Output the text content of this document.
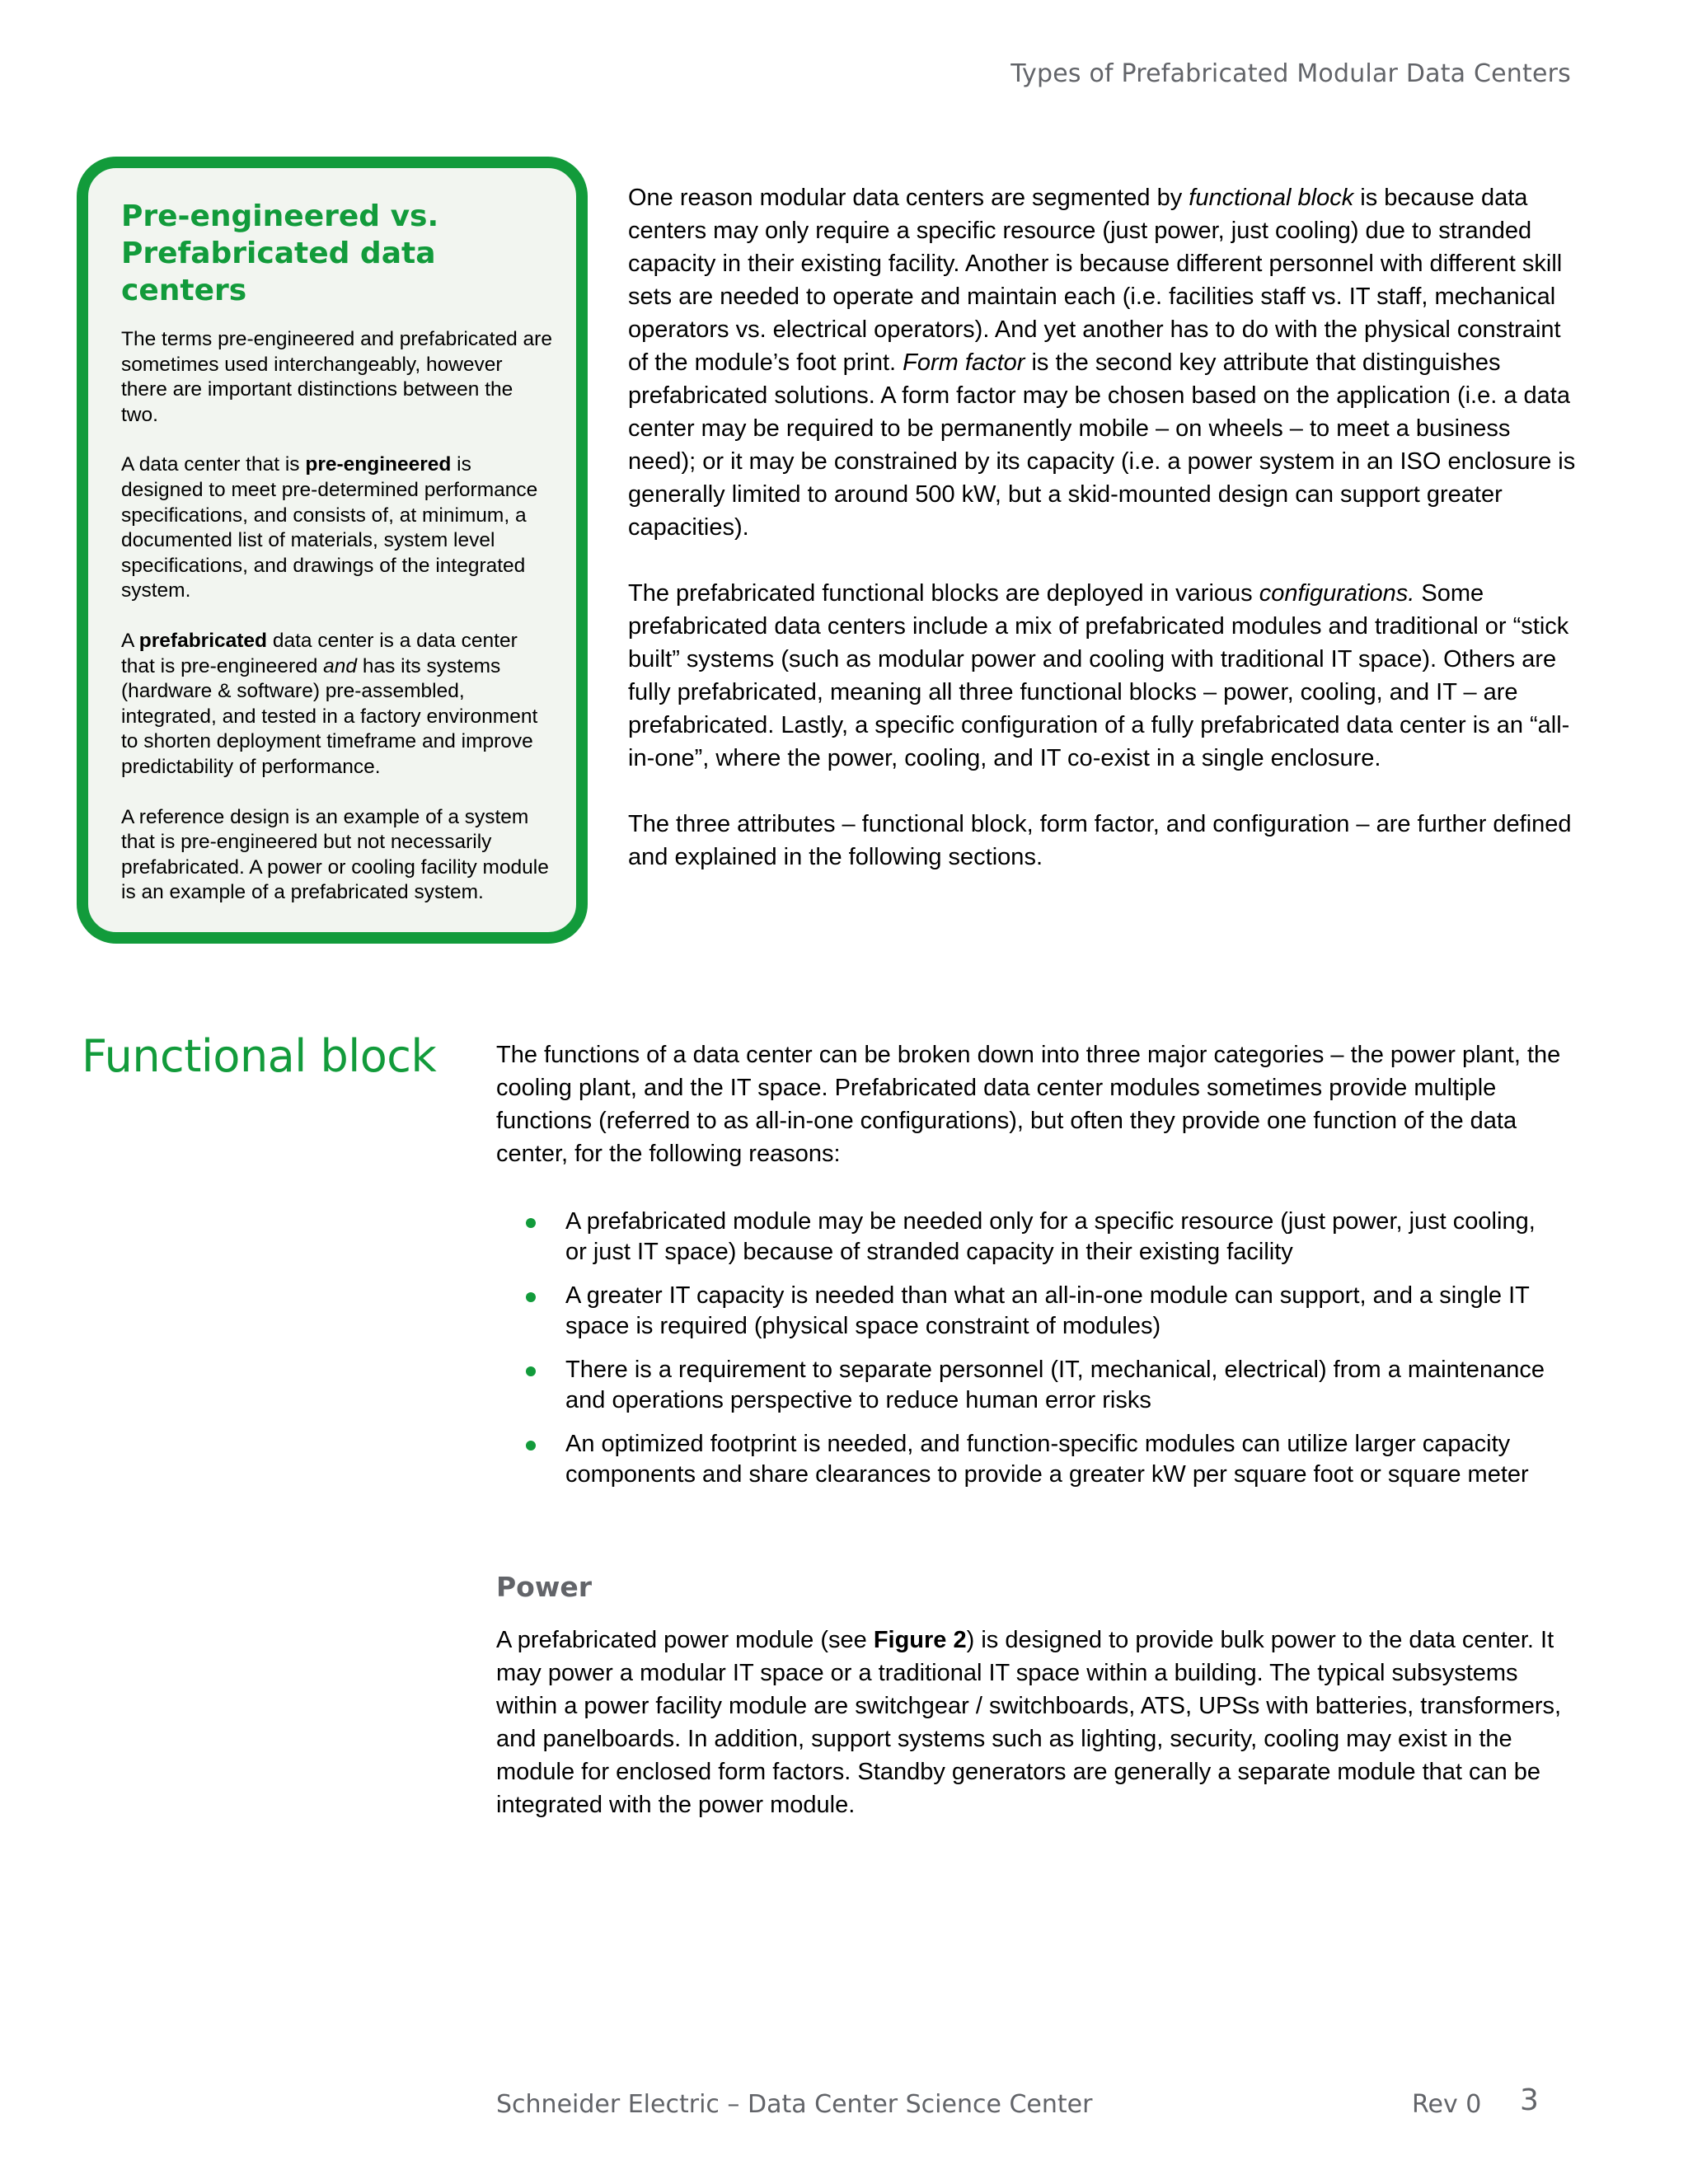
Types of Prefabricated Modular Data Centers
Pre-engineered vs.
Prefabricated data centers

The terms pre-engineered and prefabricated are sometimes used interchangeably, however there are important distinctions between the two.

A data center that is pre-engineered is designed to meet pre-determined performance specifications, and consists of, at minimum, a documented list of materials, system level specifications, and drawings of the integrated system.

A prefabricated data center is a data center that is pre-engineered and has its systems (hardware & software) pre-assembled, integrated, and tested in a factory environment to shorten deployment timeframe and improve predictability of performance.

A reference design is an example of a system that is pre-engineered but not necessarily prefabricated. A power or cooling facility module is an example of a prefabricated system.

One reason modular data centers are segmented by functional block is because data centers may only require a specific resource (just power, just cooling) due to stranded capacity in their existing facility. Another is because different personnel with different skill sets are needed to operate and maintain each (i.e. facilities staff vs. IT staff, mechanical operators vs. electrical operators). And yet another has to do with the physical constraint of the module’s foot print. Form factor is the second key attribute that distinguishes prefabricated solutions. A form factor may be chosen based on the application (i.e. a data center may be required to be permanently mobile – on wheels – to meet a business need); or it may be constrained by its capacity (i.e. a power system in an ISO enclosure is generally limited to around 500 kW, but a skid-mounted design can support greater capacities).

The prefabricated functional blocks are deployed in various configurations. Some prefabricated data centers include a mix of prefabricated modules and traditional or “stick built” systems (such as modular power and cooling with traditional IT space). Others are fully prefabricated, meaning all three functional blocks – power, cooling, and IT – are prefabricated. Lastly, a specific configuration of a fully prefabricated data center is an “all-in-one”, where the power, cooling, and IT co-exist in a single enclosure.

The three attributes – functional block, form factor, and configuration – are further defined and explained in the following sections.

Functional block	The functions of a data center can be broken down into three major categories – the power plant, the cooling plant, and the IT space. Prefabricated data center modules sometimes provide multiple functions (referred to as all-in-one configurations), but often they provide one function of the data center, for the following reasons:

A prefabricated module may be needed only for a specific resource (just power, just cooling, or just IT space) because of stranded capacity in their existing facility
A greater IT capacity is needed than what an all-in-one module can support, and a single IT space is required (physical space constraint of modules)
There is a requirement to separate personnel (IT, mechanical, electrical) from a maintenance and operations perspective to reduce human error risks
An optimized footprint is needed, and function-specific modules can utilize larger capacity components and share clearances to provide a greater kW per square foot or square meter
Power

A prefabricated power module (see Figure 2) is designed to provide bulk power to the data center. It may power a modular IT space or a traditional IT space within a building. The typical subsystems within a power facility module are switchgear / switchboards, ATS, UPSs with batteries, transformers, and panelboards. In addition, support systems such as lighting, security, cooling may exist in the module for enclosed form factors. Standby generators are generally a separate module that can be integrated with the power module.

Schneider Electric – Data Center Science Center	Rev 0 3
